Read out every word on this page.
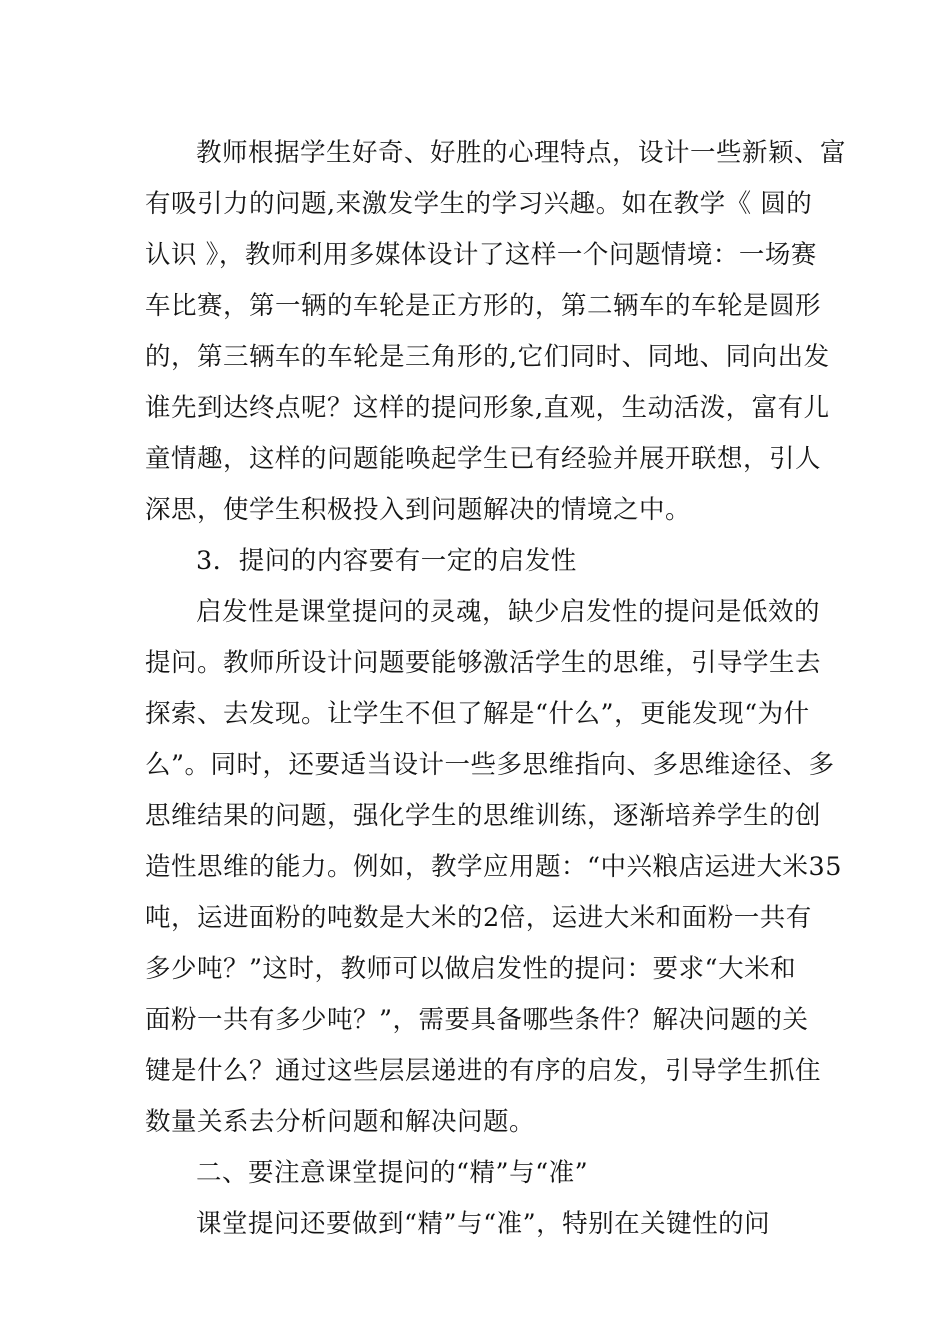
教师根据学生好奇、好胜的心理特点，设计一些新颖、富
有吸引力的问题,来激发学生的学习兴趣。如在教学《 圆的
认识 》，教师利用多媒体设计了这样一个问题情境：一场赛
车比赛，第一辆的车轮是正方形的，第二辆车的车轮是圆形
的，第三辆车的车轮是三角形的,它们同时、同地、同向出发
谁先到达终点呢？这样的提问形象,直观，生动活泼，富有儿
童情趣，这样的问题能唤起学生已有经验并展开联想，引人
深思，使学生积极投入到问题解决的情境之中。
3．提问的内容要有一定的启发性
启发性是课堂提问的灵魂，缺少启发性的提问是低效的
提问。教师所设计问题要能够激活学生的思维，引导学生去
探索、去发现。让学生不但了解是“什么”，更能发现“为什
么”。同时，还要适当设计一些多思维指向、多思维途径、多
思维结果的问题，强化学生的思维训练，逐渐培养学生的创
造性思维的能力。例如，教学应用题：“中兴粮店运进大米35
吨，运进面粉的吨数是大米的2倍，运进大米和面粉一共有
多少吨？”这时，教师可以做启发性的提问：要求“大米和
面粉一共有多少吨？”，需要具备哪些条件？解决问题的关
键是什么？通过这些层层递进的有序的启发，引导学生抓住
数量关系去分析问题和解决问题。
二、要注意课堂提问的“精”与“准”
课堂提问还要做到“精”与“准”，特别在关键性的问
